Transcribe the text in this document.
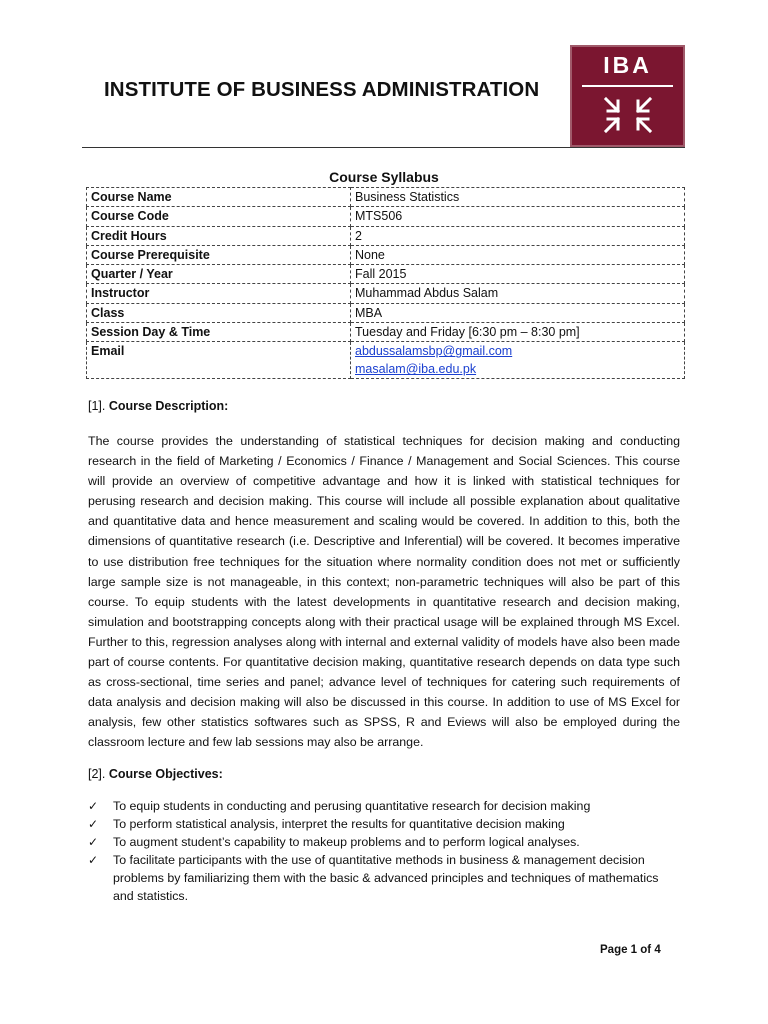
INSTITUTE OF BUSINESS ADMINISTRATION
IBA
Course Syllabus
Course Name	Business Statistics
Course Code	MTS506
Credit Hours	2
Course Prerequisite	None
Quarter / Year	Fall 2015
Instructor	Muhammad Abdus Salam
Class	MBA
Session Day & Time	Tuesday and Friday [6:30 pm – 8:30 pm]
Email	abdussalamsbp@gmail.com
masalam@iba.edu.pk
[1]. Course Description:
The course provides the understanding of statistical techniques for decision making and conducting research in the field of Marketing / Economics / Finance / Management and Social Sciences. This course will provide an overview of competitive advantage and how it is linked with statistical techniques for perusing research and decision making. This course will include all possible explanation about qualitative and quantitative data and hence measurement and scaling would be covered. In addition to this, both the dimensions of quantitative research (i.e. Descriptive and Inferential) will be covered. It becomes imperative to use distribution free techniques for the situation where normality condition does not met or sufficiently large sample size is not manageable, in this context; non-parametric techniques will also be part of this course. To equip students with the latest developments in quantitative research and decision making, simulation and bootstrapping concepts along with their practical usage will be explained through MS Excel. Further to this, regression analyses along with internal and external validity of models have also been made part of course contents. For quantitative decision making, quantitative research depends on data type such as cross-sectional, time series and panel; advance level of techniques for catering such requirements of data analysis and decision making will also be discussed in this course. In addition to use of MS Excel for analysis, few other statistics softwares such as SPSS, R and Eviews will also be employed during the classroom lecture and few lab sessions may also be arrange.
[2]. Course Objectives:
✓ To equip students in conducting and perusing quantitative research for decision making
✓ To perform statistical analysis, interpret the results for quantitative decision making
✓ To augment student’s capability to makeup problems and to perform logical analyses.
✓ To facilitate participants with the use of quantitative methods in business & management decision problems by familiarizing them with the basic & advanced principles and techniques of mathematics and statistics.
Page 1 of 4
